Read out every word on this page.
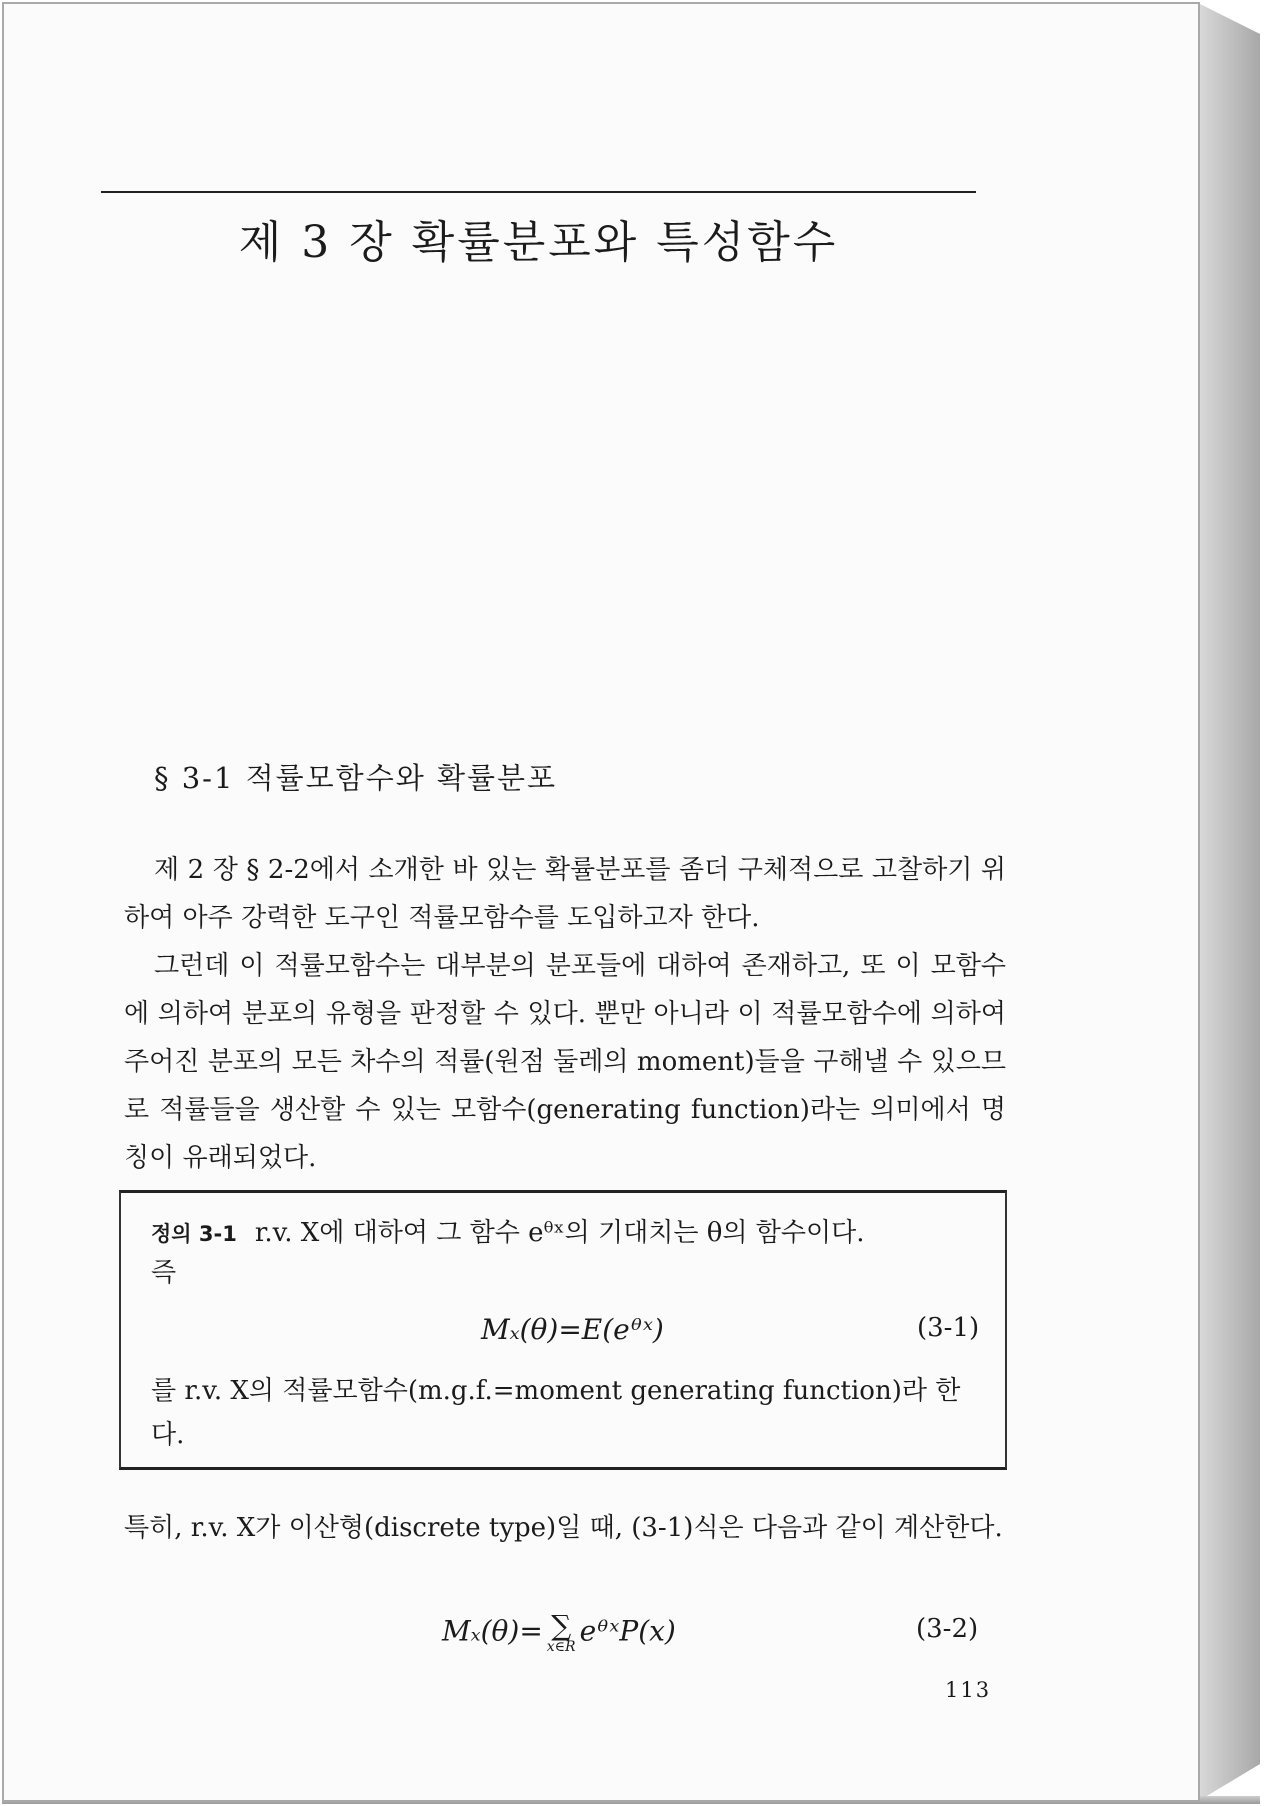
제 3 장 확률분포와 특성함수
§ 3-1 적률모함수와 확률분포

제 2 장 § 2-2에서 소개한 바 있는 확률분포를 좀더 구체적으로 고찰하기 위하여 아주 강력한 도구인 적률모함수를 도입하고자 한다.

그런데 이 적률모함수는 대부분의 분포들에 대하여 존재하고, 또 이 모함수에 의하여 분포의 유형을 판정할 수 있다. 뿐만 아니라 이 적률모함수에 의하여 주어진 분포의 모든 차수의 적률(원점 둘레의 moment)들을 구해낼 수 있으므로 적률들을 생산할 수 있는 모함수(generating function)라는 의미에서 명칭이 유래되었다.

정의 3-1 r.v. X에 대하여 그 함수 eᶿˣ의 기대치는 θ의 함수이다.

즉

Mₓ(θ)=E(eᶿˣ)	(3-1)

를 r.v. X의 적률모함수(m.g.f.=moment generating function)라 한

다.

특히, r.v. X가 이산형(discrete type)일 때, (3-1)식은 다음과 같이 계산한다.

Mₓ(θ)= ∑
x∈R eᶿˣP(x)	(3-2)
113
